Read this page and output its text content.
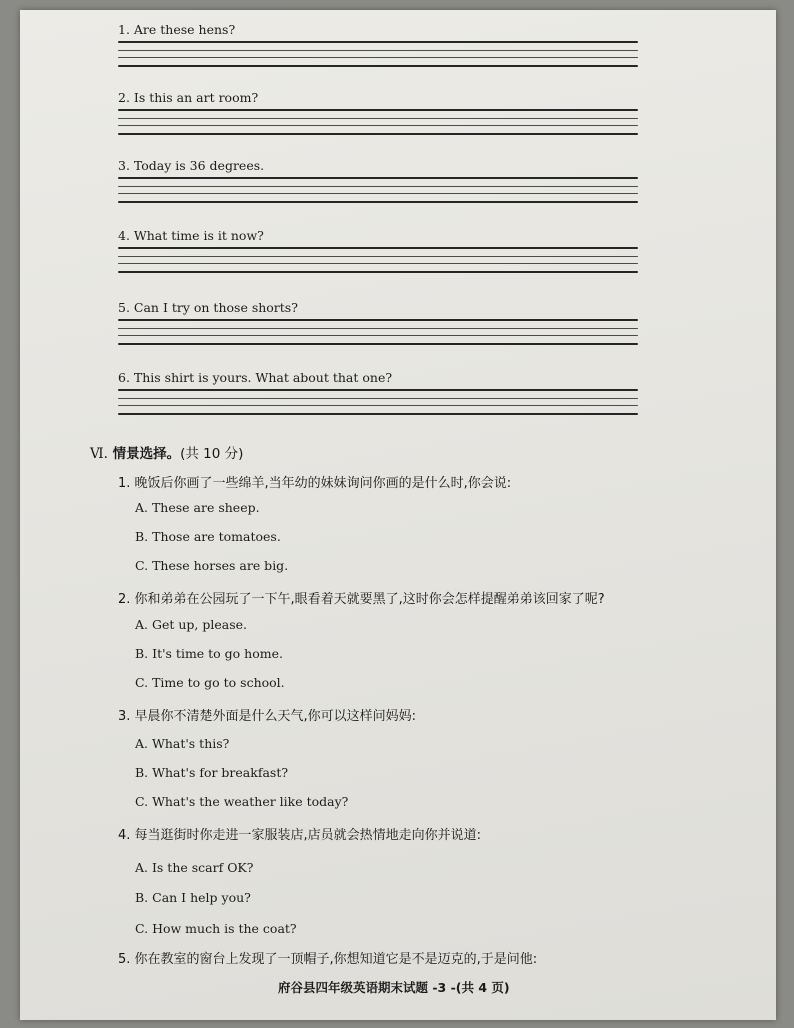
1. Are these hens?
2. Is this an art room?
3. Today is 36 degrees.
4. What time is it now?
5. Can I try on those shorts?
6. This shirt is yours. What about that one?
Ⅵ. 情景选择。(共 10 分)
1. 晚饭后你画了一些绵羊,当年幼的妹妹询问你画的是什么时,你会说:
A. These are sheep.
B. Those are tomatoes.
C. These horses are big.
2. 你和弟弟在公园玩了一下午,眼看着天就要黑了,这时你会怎样提醒弟弟该回家了呢?
A. Get up, please.
B. It's time to go home.
C. Time to go to school.
3. 早晨你不清楚外面是什么天气,你可以这样问妈妈:
A. What's this?
B. What's for breakfast?
C. What's the weather like today?
4. 每当逛街时你走进一家服装店,店员就会热情地走向你并说道:
A. Is the scarf OK?
B. Can I help you?
C. How much is the coat?
5. 你在教室的窗台上发现了一顶帽子,你想知道它是不是迈克的,于是问他:
府谷县四年级英语期末试题 -3 -(共 4 页)
